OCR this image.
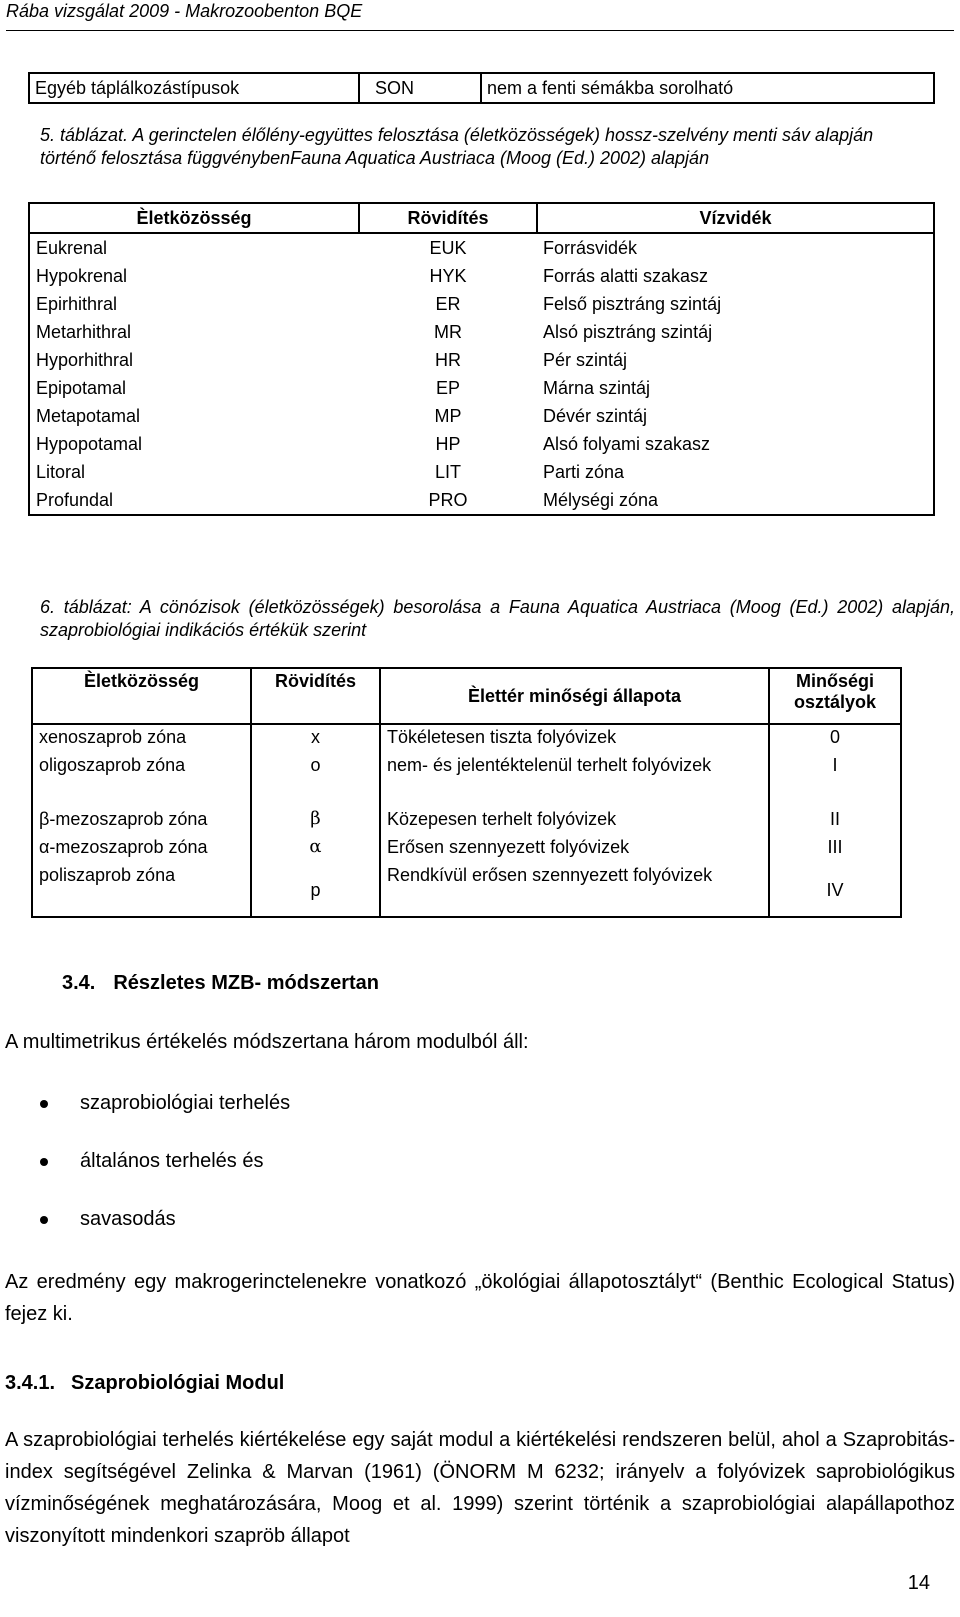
Rába vizsgálat 2009 - Makrozoobenton BQE
Egyéb táplálkozástípusok	SON	nem a fenti sémákba sorolható
5. táblázat. A gerinctelen élőlény-együttes felosztása (életközösségek) hossz-szelvény menti sáv alapján történő felosztása függvénybenFauna Aquatica Austriaca (Moog (Ed.) 2002) alapján
Èletközösség	Rövidítés	Vízvidék
Eukrenal	EUK	Forrásvidék
Hypokrenal	HYK	Forrás alatti szakasz
Epirhithral	ER	Felső pisztráng szintáj
Metarhithral	MR	Alsó pisztráng szintáj
Hyporhithral	HR	Pér szintáj
Epipotamal	EP	Márna szintáj
Metapotamal	MP	Dévér szintáj
Hypopotamal	HP	Alsó folyami szakasz
Litoral	LIT	Parti zóna
Profundal	PRO	Mélységi zóna
6. táblázat: A cönózisok (életközösségek) besorolása a Fauna Aquatica Austriaca (Moog (Ed.) 2002) alapján, szaprobiológiai indikációs értékük szerint
Èletközösség	Rövidítés	Èlettér minőségi állapota	Minőségi osztályok
xenoszaprob zóna	x	Tökéletesen tiszta folyóvizek	0
oligoszaprob zóna	o	nem- és jelentéktelenül terhelt folyóvizek	I
β-mezoszaprob zóna	β	Közepesen terhelt folyóvizek	II
α-mezoszaprob zóna	α	Erősen szennyezett folyóvizek	III
poliszaprob zóna	p	Rendkívül erősen szennyezett folyóvizek	IV
3.4. Részletes MZB- módszertan
A multimetrikus értékelés módszertana három modulból áll:
szaprobiológiai terhelés
általános terhelés és
savasodás
Az eredmény egy makrogerinctelenekre vonatkozó „ökológiai állapotosztályt“ (Benthic Ecological Status) fejez ki.
3.4.1. Szaprobiológiai Modul
A szaprobiológiai terhelés kiértékelése egy saját modul a kiértékelési rendszeren belül, ahol a Szaprobitás-index segítségével Zelinka & Marvan (1961) (ÖNORM M 6232; irányelv a folyóvizek saprobiológikus vízminőségének meghatározására, Moog et al. 1999) szerint történik a szaprobiológiai alapállapothoz viszonyított mindenkori szapröb állapot
14
